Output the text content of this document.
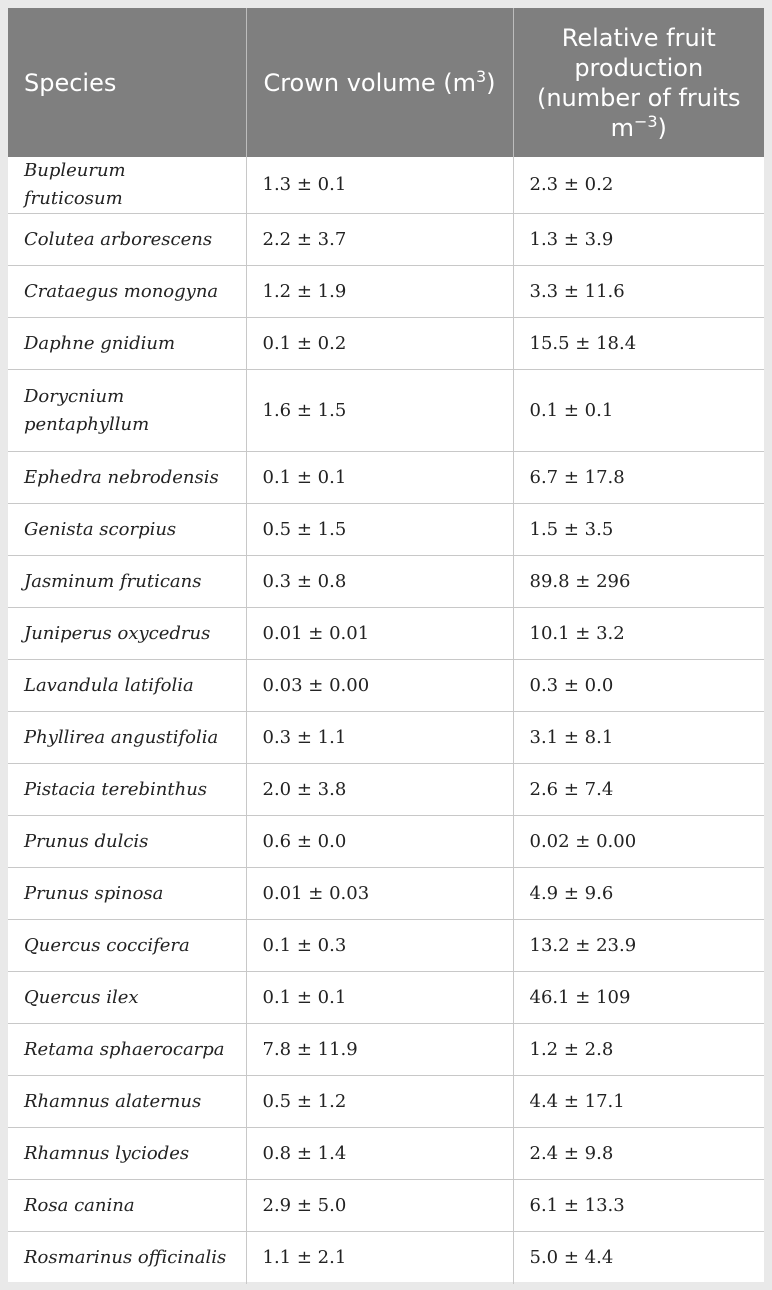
Species	Crown volume $(m^3)$	Relative fruit production (number of fruits $m^{-3}$)
Bupleurum fruticosum	1.3 ± 0.1	2.3 ± 0.2
Colutea arborescens	2.2 ± 3.7	1.3 ± 3.9
Crataegus monogyna	1.2 ± 1.9	3.3 ± 11.6
Daphne gnidium	0.1 ± 0.2	15.5 ± 18.4
Dorycnium pentaphyllum	1.6 ± 1.5	0.1 ± 0.1
Ephedra nebrodensis	0.1 ± 0.1	6.7 ± 17.8
Genista scorpius	0.5 ± 1.5	1.5 ± 3.5
Jasminum fruticans	0.3 ± 0.8	89.8 ± 296
Juniperus oxycedrus	0.01 ± 0.01	10.1 ± 3.2
Lavandula latifolia	0.03 ± 0.00	0.3 ± 0.0
Phyllirea angustifolia	0.3 ± 1.1	3.1 ± 8.1
Pistacia terebinthus	2.0 ± 3.8	2.6 ± 7.4
Prunus dulcis	0.6 ± 0.0	0.02 ± 0.00
Prunus spinosa	0.01 ± 0.03	4.9 ± 9.6
Quercus coccifera	0.1 ± 0.3	13.2 ± 23.9
Quercus ilex	0.1 ± 0.1	46.1 ± 109
Retama sphaerocarpa	7.8 ± 11.9	1.2 ± 2.8
Rhamnus alaternus	0.5 ± 1.2	4.4 ± 17.1
Rhamnus lyciodes	0.8 ± 1.4	2.4 ± 9.8
Rosa canina	2.9 ± 5.0	6.1 ± 13.3
Rosmarinus officinalis	1.1 ± 2.1	5.0 ± 4.4
